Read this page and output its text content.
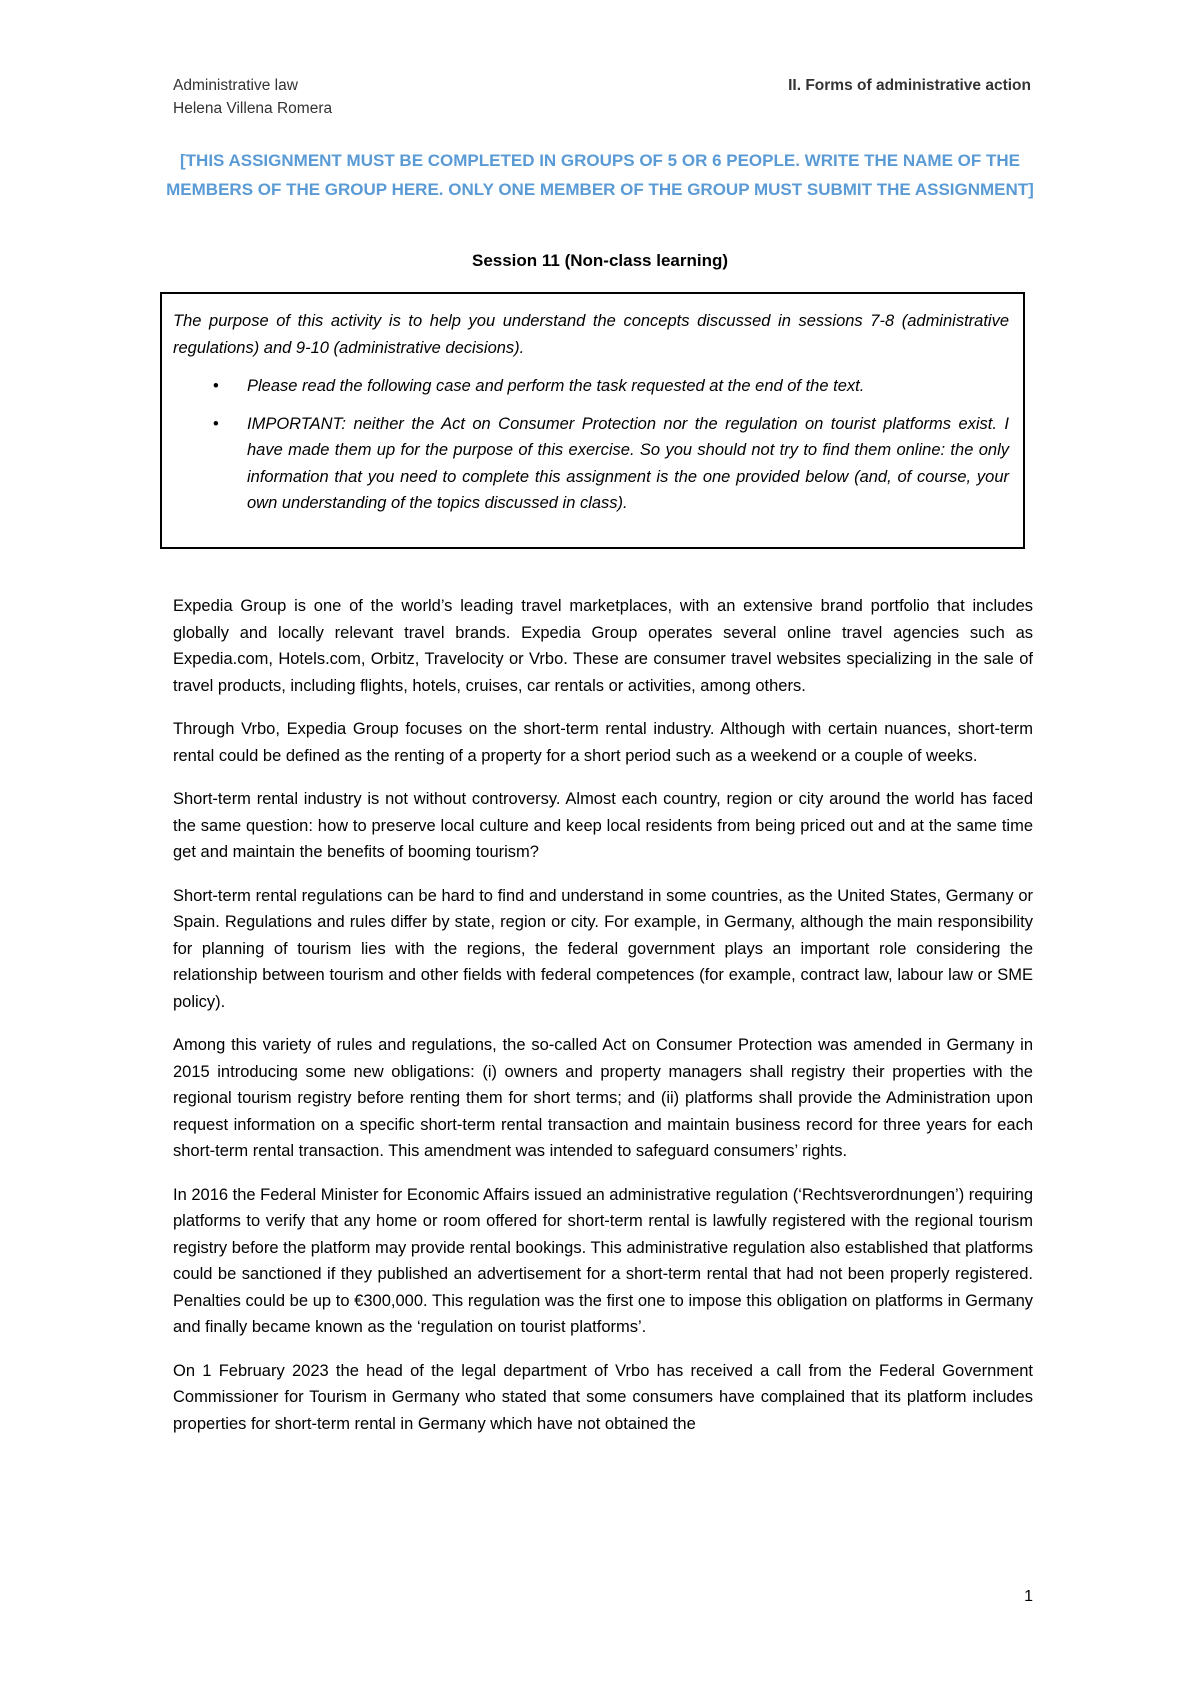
Administrative law
Helena Villena Romera
II. Forms of administrative action
[THIS ASSIGNMENT MUST BE COMPLETED IN GROUPS OF 5 OR 6 PEOPLE. WRITE THE NAME OF THE MEMBERS OF THE GROUP HERE. ONLY ONE MEMBER OF THE GROUP MUST SUBMIT THE ASSIGNMENT]
Session 11 (Non-class learning)

The purpose of this activity is to help you understand the concepts discussed in sessions 7-8 (administrative regulations) and 9-10 (administrative decisions).

• Please read the following case and perform the task requested at the end of the text.
• IMPORTANT: neither the Act on Consumer Protection nor the regulation on tourist platforms exist. I have made them up for the purpose of this exercise. So you should not try to find them online: the only information that you need to complete this assignment is the one provided below (and, of course, your own understanding of the topics discussed in class).

Expedia Group is one of the world’s leading travel marketplaces, with an extensive brand portfolio that includes globally and locally relevant travel brands. Expedia Group operates several online travel agencies such as Expedia.com, Hotels.com, Orbitz, Travelocity or Vrbo. These are consumer travel websites specializing in the sale of travel products, including flights, hotels, cruises, car rentals or activities, among others.

Through Vrbo, Expedia Group focuses on the short-term rental industry. Although with certain nuances, short-term rental could be defined as the renting of a property for a short period such as a weekend or a couple of weeks.

Short-term rental industry is not without controversy. Almost each country, region or city around the world has faced the same question: how to preserve local culture and keep local residents from being priced out and at the same time get and maintain the benefits of booming tourism?

Short-term rental regulations can be hard to find and understand in some countries, as the United States, Germany or Spain. Regulations and rules differ by state, region or city. For example, in Germany, although the main responsibility for planning of tourism lies with the regions, the federal government plays an important role considering the relationship between tourism and other fields with federal competences (for example, contract law, labour law or SME policy).

Among this variety of rules and regulations, the so-called Act on Consumer Protection was amended in Germany in 2015 introducing some new obligations: (i) owners and property managers shall registry their properties with the regional tourism registry before renting them for short terms; and (ii) platforms shall provide the Administration upon request information on a specific short-term rental transaction and maintain business record for three years for each short-term rental transaction. This amendment was intended to safeguard consumers’ rights.

In 2016 the Federal Minister for Economic Affairs issued an administrative regulation (‘Rechtsverordnungen’) requiring platforms to verify that any home or room offered for short-term rental is lawfully registered with the regional tourism registry before the platform may provide rental bookings. This administrative regulation also established that platforms could be sanctioned if they published an advertisement for a short-term rental that had not been properly registered. Penalties could be up to €300,000. This regulation was the first one to impose this obligation on platforms in Germany and finally became known as the ‘regulation on tourist platforms’.

On 1 February 2023 the head of the legal department of Vrbo has received a call from the Federal Government Commissioner for Tourism in Germany who stated that some consumers have complained that its platform includes properties for short-term rental in Germany which have not obtained the

1
